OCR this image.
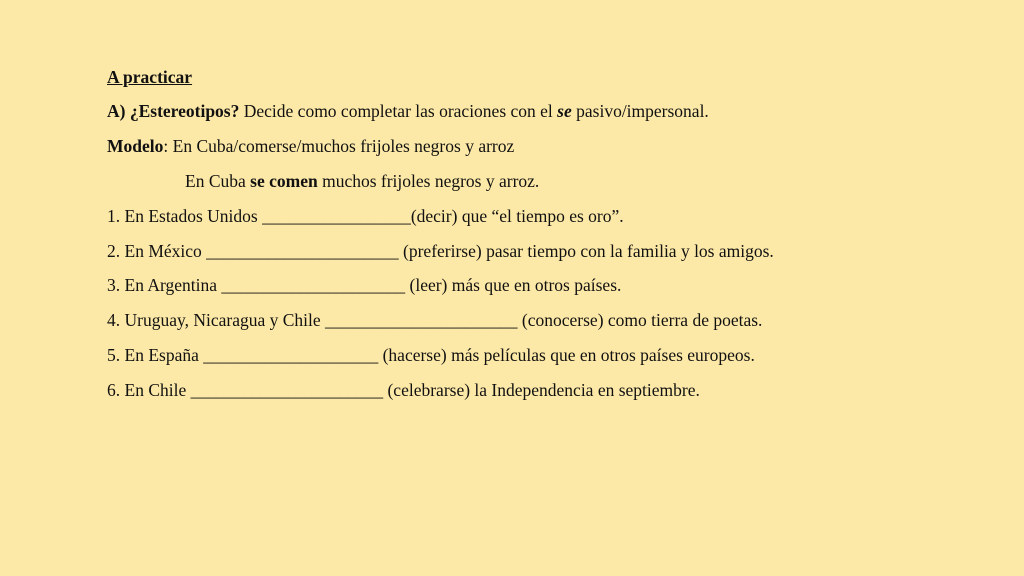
A practicar
A) ¿Estereotipos? Decide como completar las oraciones con el se pasivo/impersonal.
Modelo: En Cuba/comerse/muchos frijoles negros y arroz
En Cuba se comen muchos frijoles negros y arroz.
1. En Estados Unidos _________________(decir) que “el tiempo es oro”.
2. En México ______________________ (preferirse) pasar tiempo con la familia y los amigos.
3. En Argentina _____________________ (leer) más que en otros países.
4. Uruguay, Nicaragua y Chile ______________________ (conocerse) como tierra de poetas.
5. En España ____________________ (hacerse) más películas que en otros países europeos.
6. En Chile ______________________ (celebrarse) la Independencia en septiembre.
